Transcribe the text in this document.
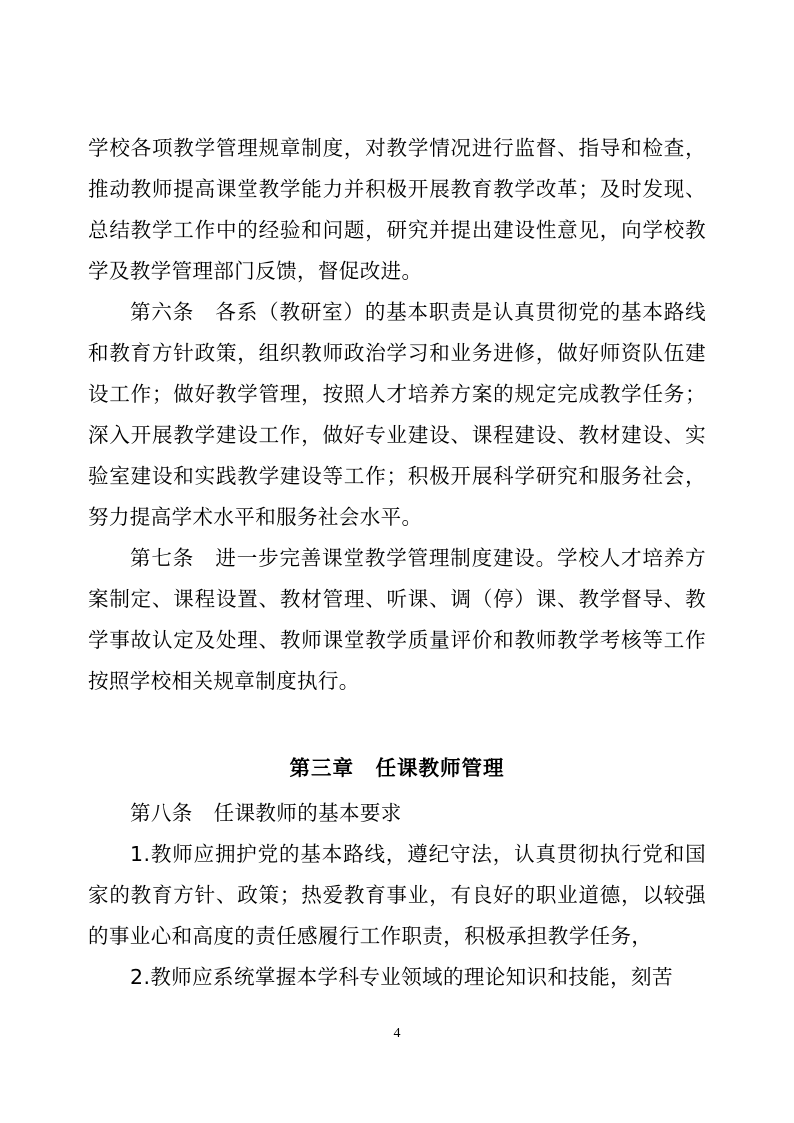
学校各项教学管理规章制度，对教学情况进行监督、指导和检查，推动教师提高课堂教学能力并积极开展教育教学改革；及时发现、总结教学工作中的经验和问题，研究并提出建设性意见，向学校教学及教学管理部门反馈，督促改进。

第六条　各系（教研室）的基本职责是认真贯彻党的基本路线和教育方针政策，组织教师政治学习和业务进修，做好师资队伍建设工作；做好教学管理，按照人才培养方案的规定完成教学任务；深入开展教学建设工作，做好专业建设、课程建设、教材建设、实验室建设和实践教学建设等工作；积极开展科学研究和服务社会，努力提高学术水平和服务社会水平。

第七条　进一步完善课堂教学管理制度建设。学校人才培养方案制定、课程设置、教材管理、听课、调（停）课、教学督导、教学事故认定及处理、教师课堂教学质量评价和教师教学考核等工作按照学校相关规章制度执行。

第三章　任课教师管理

第八条　任课教师的基本要求

1.教师应拥护党的基本路线，遵纪守法，认真贯彻执行党和国家的教育方针、政策；热爱教育事业，有良好的职业道德，以较强的事业心和高度的责任感履行工作职责，积极承担教学任务，

2.教师应系统掌握本学科专业领域的理论知识和技能，刻苦

4
